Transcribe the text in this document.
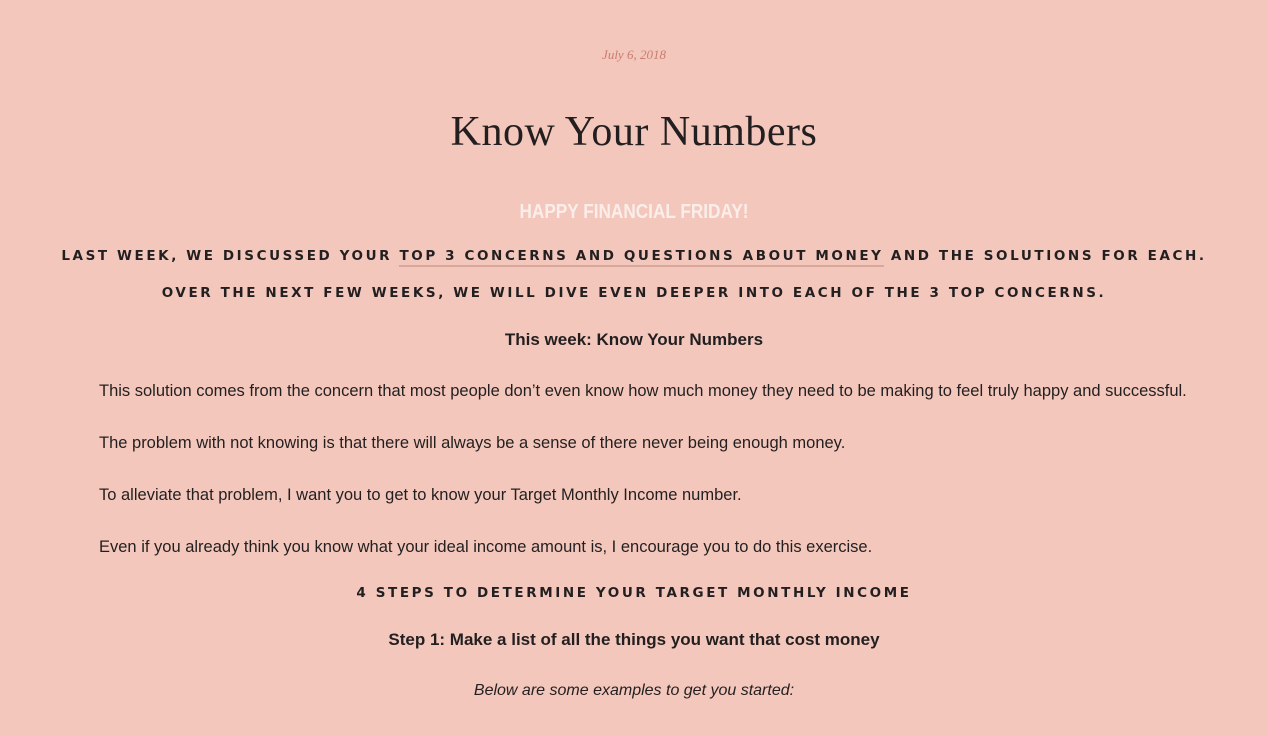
July 6, 2018
Know Your Numbers
HAPPY FINANCIAL FRIDAY!
LAST WEEK, WE DISCUSSED YOUR TOP 3 CONCERNS AND QUESTIONS ABOUT MONEY AND THE SOLUTIONS FOR EACH.
OVER THE NEXT FEW WEEKS, WE WILL DIVE EVEN DEEPER INTO EACH OF THE 3 TOP CONCERNS.
This week: Know Your Numbers
This solution comes from the concern that most people don’t even know how much money they need to be making to feel truly happy and successful.
The problem with not knowing is that there will always be a sense of there never being enough money.
To alleviate that problem, I want you to get to know your Target Monthly Income number.
Even if you already think you know what your ideal income amount is, I encourage you to do this exercise.
4 STEPS TO DETERMINE YOUR TARGET MONTHLY INCOME
Step 1: Make a list of all the things you want that cost money
Below are some examples to get you started:
